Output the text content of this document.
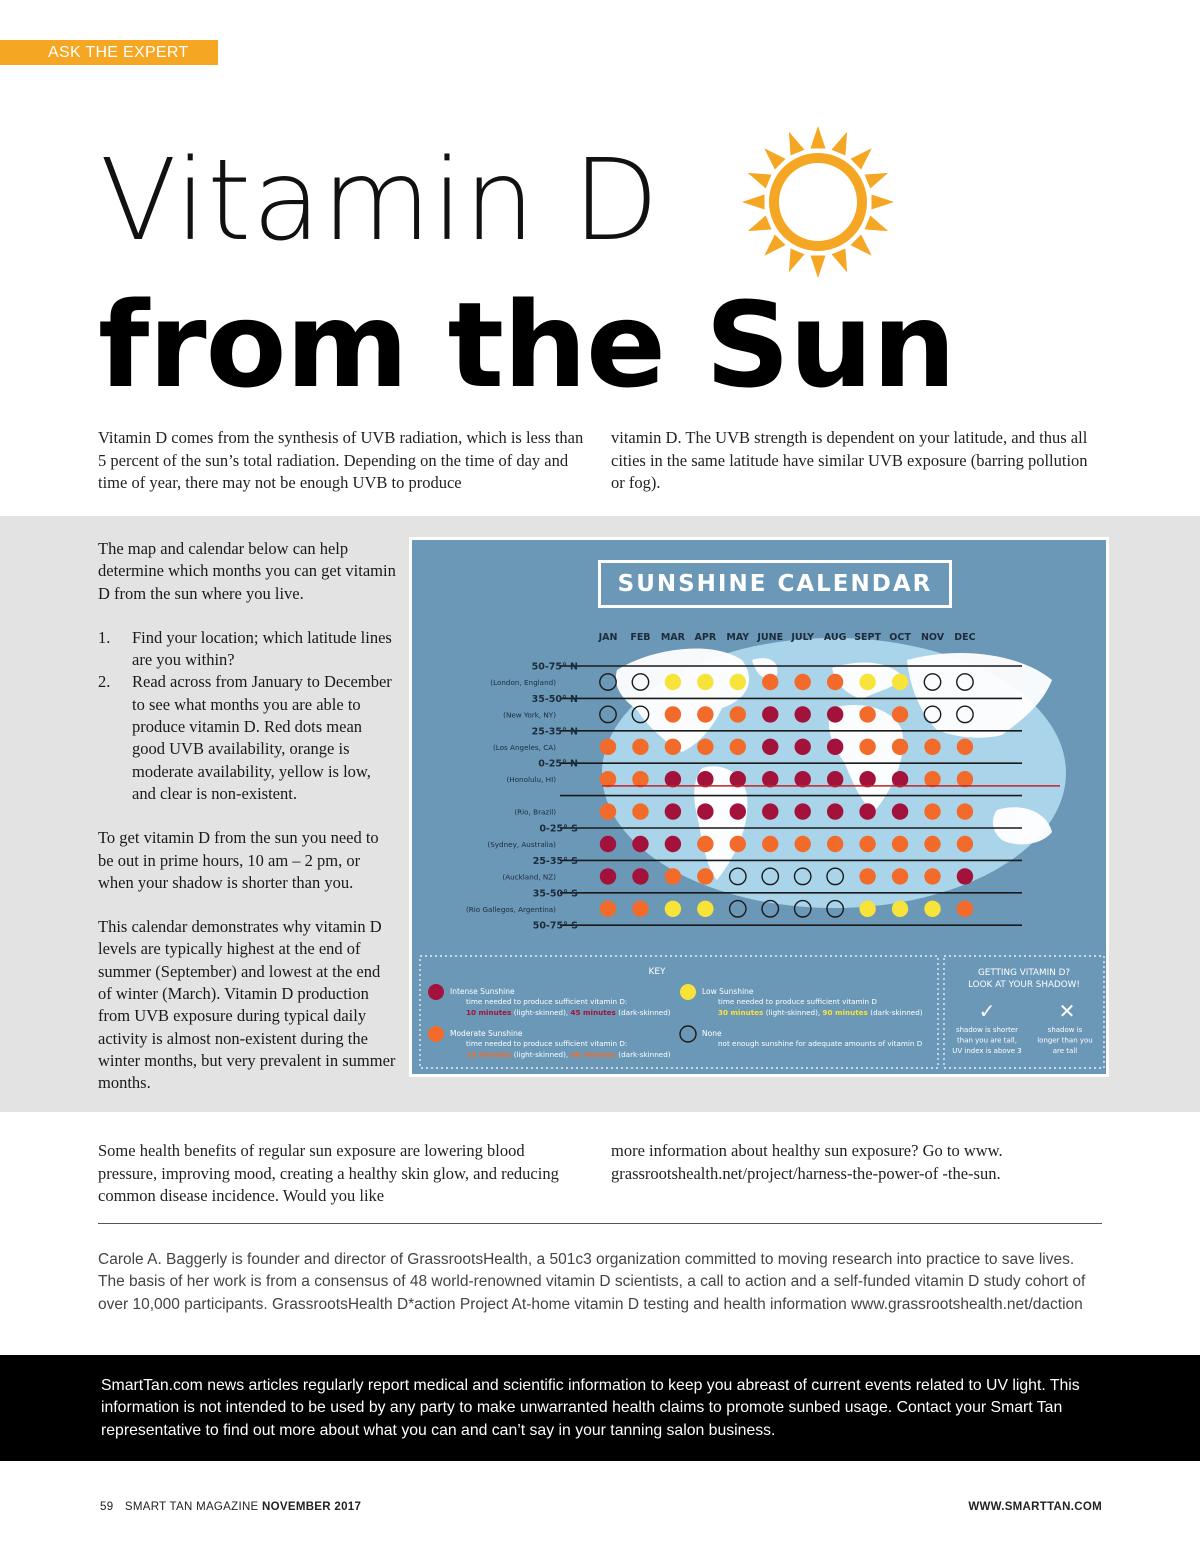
ASK THE EXPERT
Vitamin D
from the Sun

Vitamin D comes from the synthesis of UVB radiation, which is less than 5 percent of the sun’s total radiation. Depending on the time of day and time of year, there may not be enough UVB to produce

vitamin D. The UVB strength is dependent on your latitude, and thus all cities in the same latitude have similar UVB exposure (barring pollution or fog).

The map and calendar below can help determine which months you can get vitamin D from the sun where you live.

1. Find your location; which latitude lines are you within?
2. Read across from January to December to see what months you are able to produce vitamin D. Red dots mean good UVB availability, orange is moderate availability, yellow is low, and clear is non-existent.

To get vitamin D from the sun you need to be out in prime hours, 10 am – 2 pm, or when your shadow is shorter than you.

This calendar demonstrates why vitamin D levels are typically highest at the end of summer (September) and lowest at the end of winter (March). Vitamin D production from UVB exposure during typical daily activity is almost non-existent during the winter months, but very prevalent in summer months.

JAN FEB MAR APR MAY JUNE JULY AUG SEPT OCT NOV DEC
50-75° N
(London, England)
35-50° N
(New York, NY)
25-35° N
(Los Angeles, CA)
0-25° N
(Honolulu, HI)
(Rio, Brazil)
0-25° S
(Sydney, Australia)
25-35° S
(Auckland, NZ)
35-50° S
(Rio Gallegos, Argentina)
50-75° S
KEY
Intense Sunshine
time needed to produce sufficient vitamin D:
10 minutes (light-skinned), 45 minutes (dark-skinned)
Low Sunshine
time needed to produce sufficient vitamin D
30 minutes (light-skinned), 90 minutes (dark-skinned)
Moderate Sunshine
time needed to produce sufficient vitamin D:
15 minutes (light-skinned), 60 minutes (dark-skinned)
None
not enough sunshine for adequate amounts of vitamin D
GETTING VITAMIN D?
LOOK AT YOUR SHADOW!
✓	✕
shadow is shorter
than you are tall,
UV index is above 3
shadow is
longer than you
are tall
SUNSHINE CALENDAR

Some health benefits of regular sun exposure are lowering blood pressure, improving mood, creating a healthy skin glow, and reducing common disease incidence. Would you like

more information about healthy sun exposure? Go to www. grassrootshealth.net/project/harness-the-power-of -the-sun.

Carole A. Baggerly is founder and director of GrassrootsHealth, a 501c3 organization committed to moving research into practice to save lives. The basis of her work is from a consensus of 48 world-renowned vitamin D scientists, a call to action and a self-funded vitamin D study cohort of over 10,000 participants. GrassrootsHealth D*action Project At-home vitamin D testing and health information www.grassrootshealth.net/daction

SmartTan.com news articles regularly report medical and scientific information to keep you abreast of current events related to UV light. This information is not intended to be used by any party to make unwarranted health claims to promote sunbed usage. Contact your Smart Tan representative to find out more about what you can and can’t say in your tanning salon business.

59 SMART TAN MAGAZINE NOVEMBER 2017	WWW.SMARTTAN.COM
